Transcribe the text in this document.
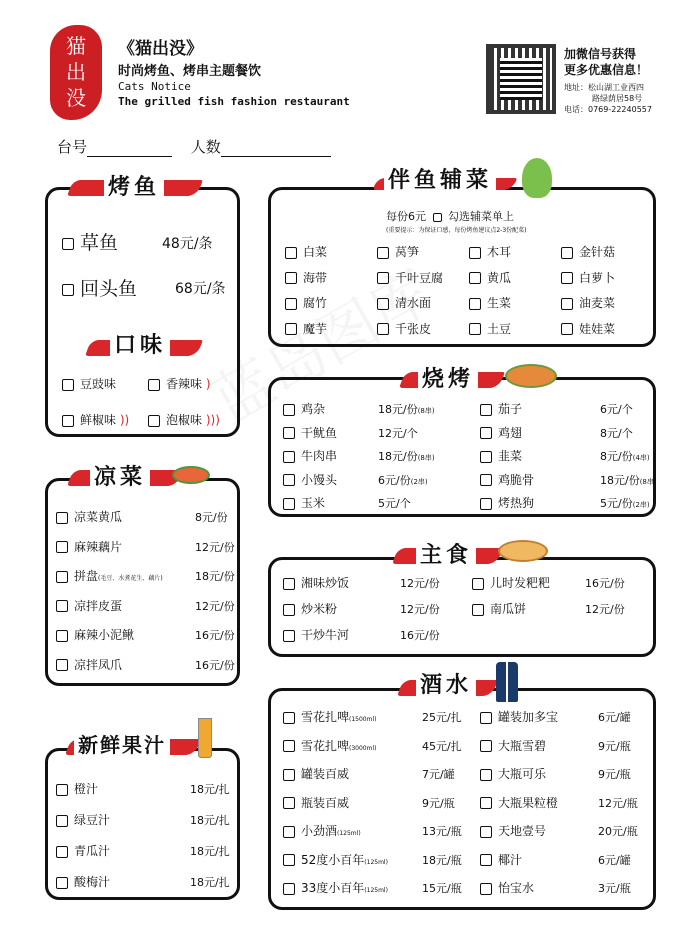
猫
出
没
《猫出没》
时尚烤鱼、烤串主题餐饮
Cats Notice
The grilled fish fashion restaurant
加微信号获得
更多优惠信息！
地址：松山湖工业西四
路绿荫居58号
电话：0769-22240557
台号	人数
烤鱼
草鱼	48元/条
回头鱼	68元/条
口味
豆豉味	香辣味 )
鲜椒味 ))	泡椒味 )))
凉菜
新鲜果汁
伴鱼辅菜
每份6元 勾选辅菜单上
(重要提示：为保证口感，每份烤鱼建议点2-3份配菜)
烧烤
主食
酒水
凉菜黄瓜	8元/份
麻辣藕片	12元/份
拼盘(毛豆、水煮花生、藕片)	18元/份
凉拌皮蛋	12元/份
麻辣小泥鳅	16元/份
凉拌凤爪	16元/份
橙汁	18元/扎
绿豆汁	18元/扎
青瓜汁	18元/扎
酸梅汁	18元/扎
白菜	莴笋	木耳	金针菇
海带	千叶豆腐	黄瓜	白萝卜
腐竹	清水面	生菜	油麦菜
魔芋	千张皮	土豆	娃娃菜
鸡杂	18元/份(8串)	茄子	6元/个
干鱿鱼	12元/个	鸡翅	8元/个
牛肉串	18元/份(8串)	韭菜	8元/份(4串)
小馒头	6元/份(2串)	鸡脆骨	18元/份(8串)
玉米	5元/个	烤热狗	5元/份(2串)
湘味炒饭	12元/份	儿时发粑粑	16元/份
炒米粉	12元/份	南瓜饼	12元/份
干炒牛河	16元/份
雪花扎啤(1500ml)	25元/扎	罐装加多宝	6元/罐
雪花扎啤(3000ml)	45元/扎	大瓶雪碧	9元/瓶
罐装百威	7元/罐	大瓶可乐	9元/瓶
瓶装百威	9元/瓶	大瓶果粒橙	12元/瓶
小劲酒(125ml)	13元/瓶	天地壹号	20元/瓶
52度小百年(125ml)	18元/瓶	椰汁	6元/罐
33度小百年(125ml)	15元/瓶	怡宝水	3元/瓶
